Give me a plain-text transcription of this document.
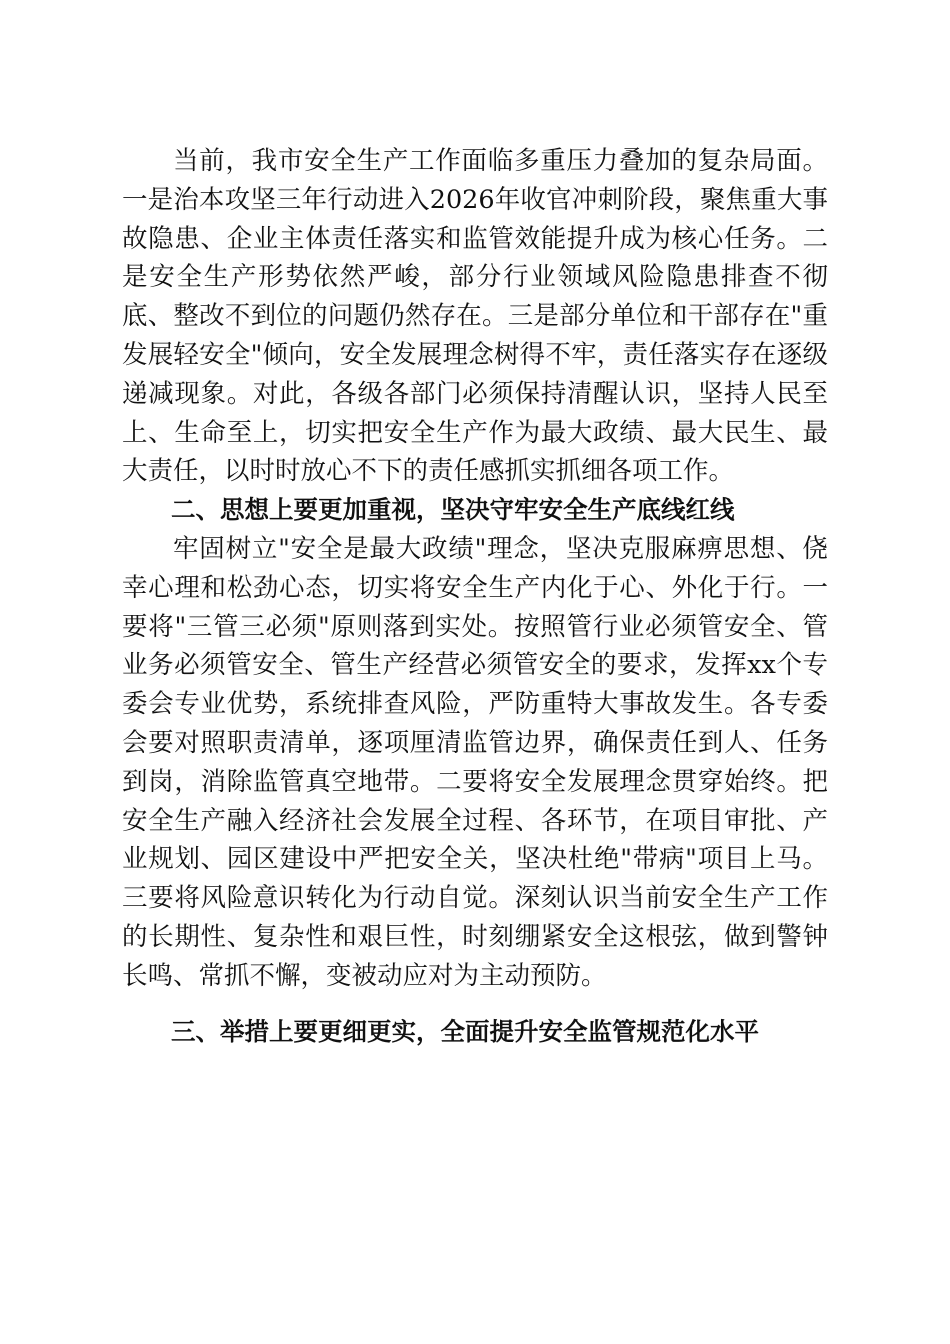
当前，我市安全生产工作面临多重压力叠加的复杂局面。一是治本攻坚三年行动进入2026年收官冲刺阶段，聚焦重大事故隐患、企业主体责任落实和监管效能提升成为核心任务。二是安全生产形势依然严峻，部分行业领域风险隐患排查不彻底、整改不到位的问题仍然存在。三是部分单位和干部存在"重发展轻安全"倾向，安全发展理念树得不牢，责任落实存在逐级递减现象。对此，各级各部门必须保持清醒认识，坚持人民至上、生命至上，切实把安全生产作为最大政绩、最大民生、最大责任，以时时放心不下的责任感抓实抓细各项工作。

二、思想上要更加重视，坚决守牢安全生产底线红线

牢固树立"安全是最大政绩"理念，坚决克服麻痹思想、侥幸心理和松劲心态，切实将安全生产内化于心、外化于行。一要将"三管三必须"原则落到实处。按照管行业必须管安全、管业务必须管安全、管生产经营必须管安全的要求，发挥xx个专委会专业优势，系统排查风险，严防重特大事故发生。各专委会要对照职责清单，逐项厘清监管边界，确保责任到人、任务到岗，消除监管真空地带。二要将安全发展理念贯穿始终。把安全生产融入经济社会发展全过程、各环节，在项目审批、产业规划、园区建设中严把安全关，坚决杜绝"带病"项目上马。三要将风险意识转化为行动自觉。深刻认识当前安全生产工作的长期性、复杂性和艰巨性，时刻绷紧安全这根弦，做到警钟长鸣、常抓不懈，变被动应对为主动预防。

三、举措上要更细更实，全面提升安全监管规范化水平
